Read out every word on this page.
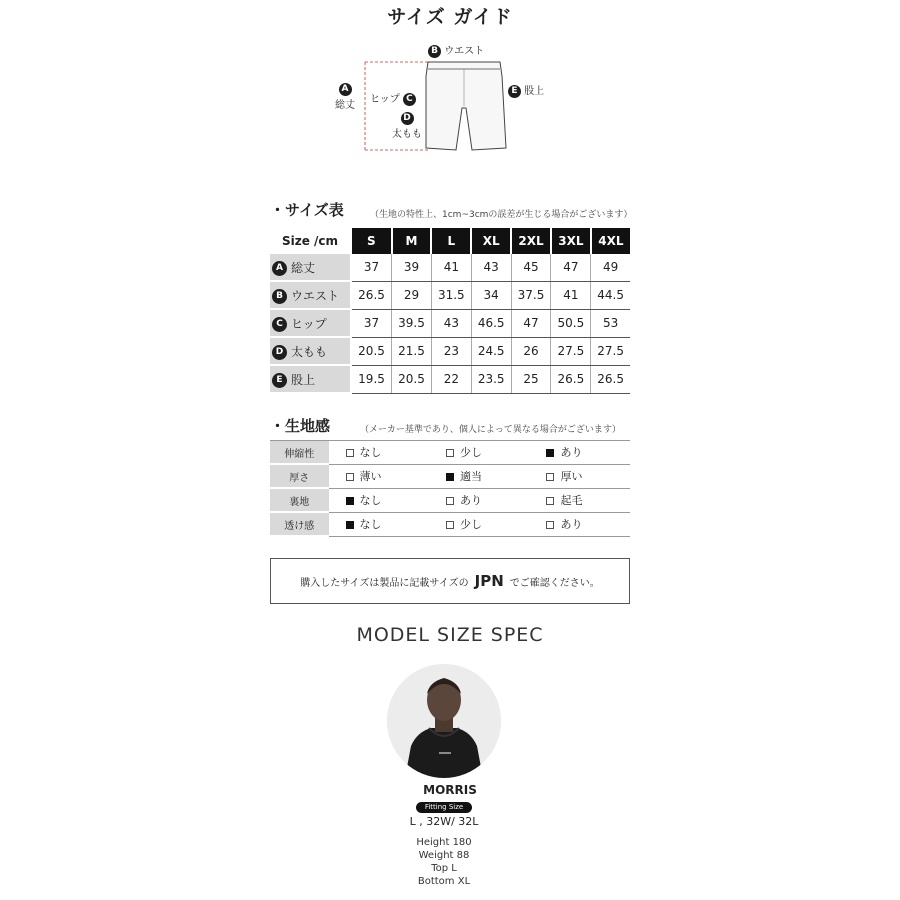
サイズ ガイド
B ウエスト
A
総丈
ヒップ C
D
太もも
E 股上
・サイズ表	（生地の特性上、1cm~3cmの誤差が生じる場合がございます）
Size /cm	S	M	L	XL	2XL	3XL	4XL
A 総丈	37	39	41	43	45	47	49
B ウエスト	26.5	29	31.5	34	37.5	41	44.5
C ヒップ	37	39.5	43	46.5	47	50.5	53
D 太もも	20.5	21.5	23	24.5	26	27.5	27.5
E 股上	19.5	20.5	22	23.5	25	26.5	26.5
・生地感	（メーカー基準であり、個人によって異なる場合がございます）
伸縮性	なし	少し	あり
厚さ	薄い	適当	厚い
裏地	なし	あり	起毛
透け感	なし	少し	あり
購入したサイズは製品に記載サイズの JPN でご確認ください。
MODEL SIZE SPEC
MORRIS
Fitting Size
L , 32W/ 32L
Height 180
Weight 88
Top L
Bottom XL
